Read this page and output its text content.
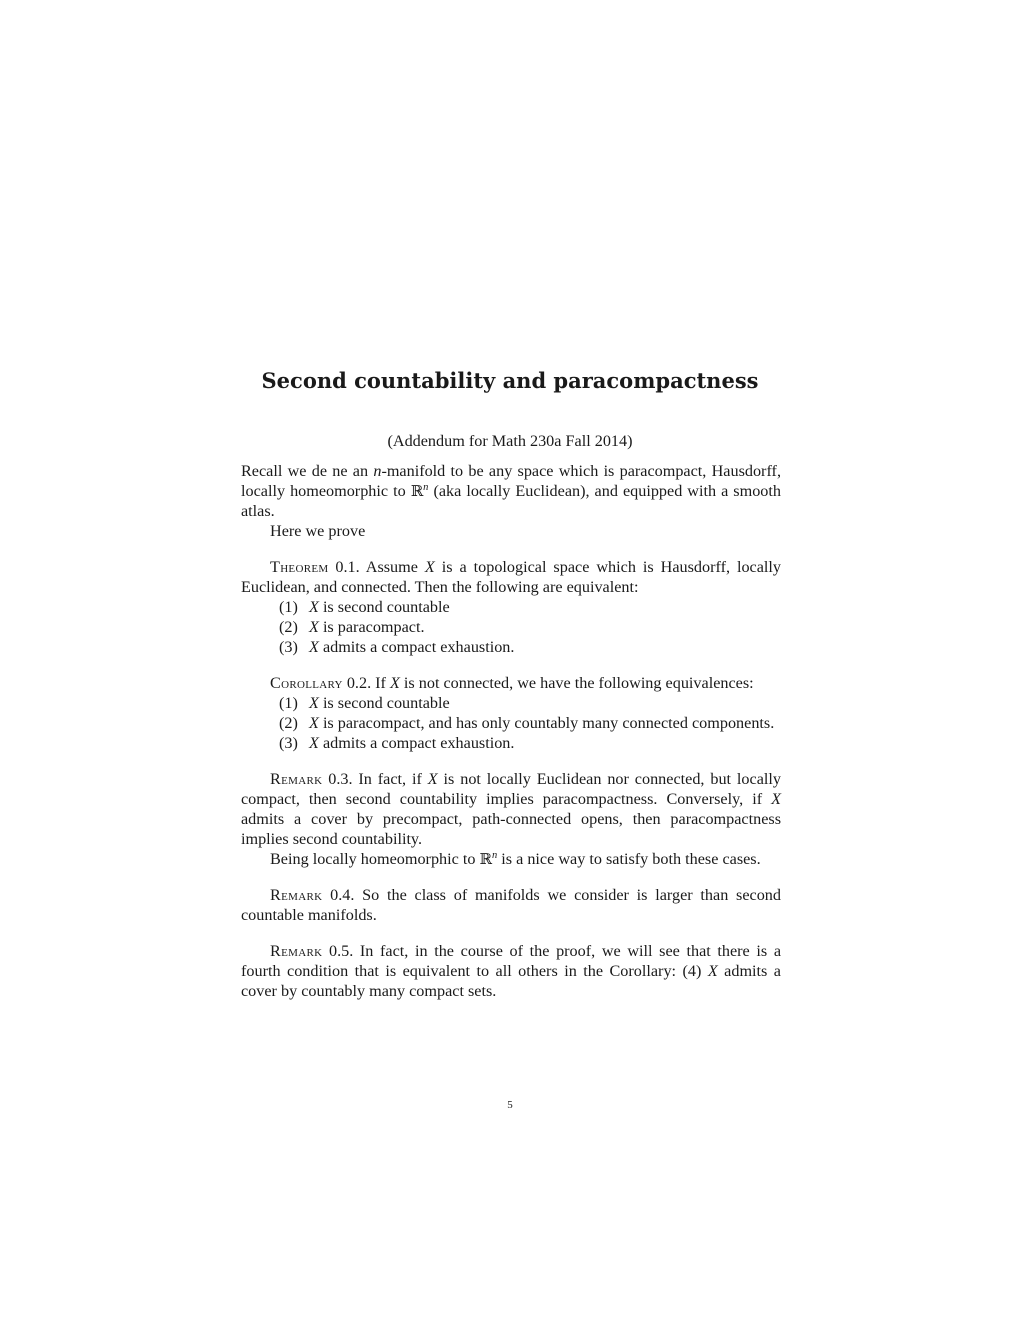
Second countability and paracompactness
(Addendum for Math 230a Fall 2014)

Recall we de ne an n-manifold to be any space which is paracompact, Hausdorff, locally homeomorphic to ℝ$^n$ (aka locally Euclidean), and equipped with a smooth atlas.

Here we prove

Theorem 0.1. Assume X is a topological space which is Hausdorff, locally Euclidean, and connected. Then the following are equivalent:

(1) X is second countable
(2) X is paracompact.
(3) X admits a compact exhaustion.

Corollary 0.2. If X is not connected, we have the following equivalences:

(1) X is second countable
(2) X is paracompact, and has only countably many connected components.
(3) X admits a compact exhaustion.

Remark 0.3. In fact, if X is not locally Euclidean nor connected, but locally compact, then second countability implies paracompactness. Conversely, if X admits a cover by precompact, path-connected opens, then paracompactness implies second countability.

Being locally homeomorphic to ℝ$^n$ is a nice way to satisfy both these cases.

Remark 0.4. So the class of manifolds we consider is larger than second countable manifolds.

Remark 0.5. In fact, in the course of the proof, we will see that there is a fourth condition that is equivalent to all others in the Corollary: (4) X admits a cover by countably many compact sets.

5
